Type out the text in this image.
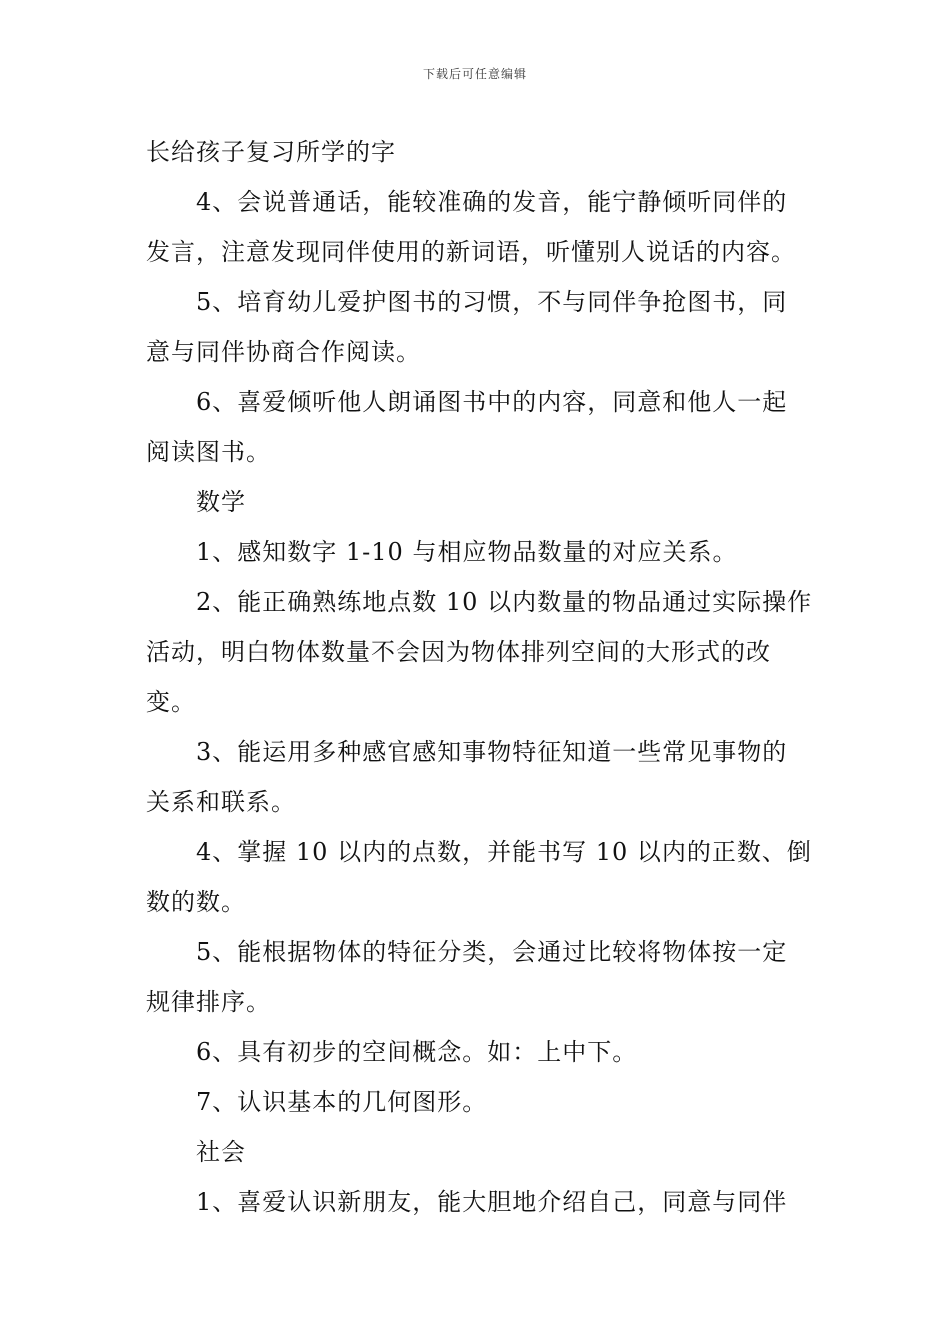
下载后可任意编辑
长给孩子复习所学的字
4、会说普通话，能较准确的发音，能宁静倾听同伴的
发言，注意发现同伴使用的新词语，听懂别人说话的内容。
5、培育幼儿爱护图书的习惯，不与同伴争抢图书，同
意与同伴协商合作阅读。
6、喜爱倾听他人朗诵图书中的内容，同意和他人一起
阅读图书。
数学
1、感知数字 1-10 与相应物品数量的对应关系。
2、能正确熟练地点数 10 以内数量的物品通过实际操作
活动，明白物体数量不会因为物体排列空间的大形式的改
变。
3、能运用多种感官感知事物特征知道一些常见事物的
关系和联系。
4、掌握 10 以内的点数，并能书写 10 以内的正数、倒
数的数。
5、能根据物体的特征分类，会通过比较将物体按一定
规律排序。
6、具有初步的空间概念。如：上中下。
7、认识基本的几何图形。
社会
1、喜爱认识新朋友，能大胆地介绍自己，同意与同伴
